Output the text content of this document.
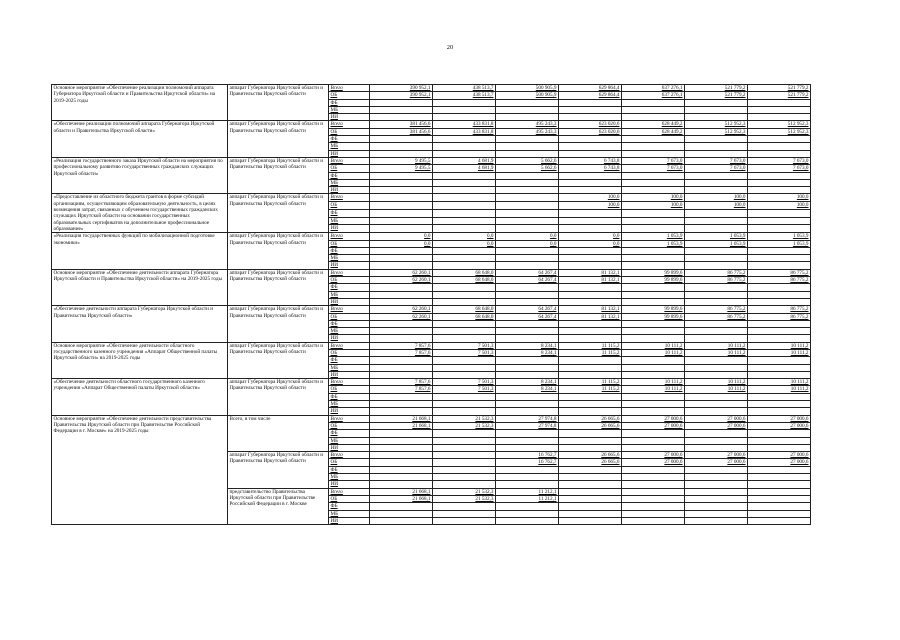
20
Основное мероприятие «Обеспечение реализации полномочий аппарата Губернатора Иркутской области и Правительства Иркутской области» на 2019-2025 годы	аппарат Губернатора Иркутской области и Правительства Иркутской области	Всего	390 952,1	438 513,7	500 905,9	629 864,4	637 276,1	521 779,2	521 779,2
		ОБ	390 952,1	438 513,7	500 905,9	629 864,4	637 276,1	521 779,2	521 779,2
		ФБ							
		МБ							
		ИИ							
«Обеспечение реализации полномочий аппарата Губернатора Иркутской области и Правительства Иркутской области»	аппарат Губернатора Иркутской области и Правительства Иркутской области	Всего	381 456,6	433 831,8	495 243,3	623 020,6	628 449,2	512 952,3	512 952,3
		ОБ	381 456,6	433 831,8	495 243,3	623 020,6	628 449,2	512 952,3	512 952,3
		ФБ							
		МБ							
		ИИ							
«Реализация государственного заказа Иркутской области на мероприятия по профессиональному развитию государственных гражданских служащих Иркутской области»	аппарат Губернатора Иркутской области и Правительства Иркутской области	Всего	9 495,5	4 681,9	5 662,6	6 743,8	7 673,0	7 673,0	7 673,0
		ОБ	9 495,5	4 681,9	5 662,6	6 743,8	7 673,0	7 673,0	7 673,0
		ФБ							
		МБ							
		ИИ							
«Предоставление из областного бюджета грантов в форме субсидий организациям, осуществляющим образовательную деятельность, в целях возмещения затрат, связанных с обучением государственных гражданских служащих Иркутской области на основании государственных образовательных сертификатов на дополнительное профессиональное образование»	аппарат Губернатора Иркутской области и Правительства Иркутской области	Всего				100,0	100,0	100,0	100,0
		ОБ				100,0	100,0	100,0	100,0
		ФБ							
		МБ							
		ИИ							
«Реализация государственных функций по мобилизационной подготовке экономики»	аппарат Губернатора Иркутской области и Правительства Иркутской области	Всего	0,0	0,0	0,0	0,0	1 053,9	1 053,9	1 053,9
		ОБ	0,0	0,0	0,0	0,0	1 053,9	1 053,9	1 053,9
		ФБ							
		МБ							
		ИИ							
Основное мероприятие «Обеспечение деятельности аппарата Губернатора Иркутской области и Правительства Иркутской области» на 2019-2025 годы	аппарат Губернатора Иркутской области и Правительства Иркутской области	Всего	62 260,1	68 648,0	64 267,4	81 132,1	99 899,6	86 775,2	86 775,2
		ОБ	62 260,1	68 648,0	64 267,4	81 132,1	99 899,6	86 775,2	86 775,2
		ФБ							
		МБ							
		ИИ							
«Обеспечение деятельности аппарата Губернатора Иркутской области и Правительства Иркутской области»	аппарат Губернатора Иркутской области и Правительства Иркутской области	Всего	62 260,1	68 648,0	64 267,4	81 132,1	99 899,6	86 775,2	86 775,2
		ОБ	62 260,1	68 648,0	64 267,4	81 132,1	99 899,6	86 775,2	86 775,2
		ФБ							
		МБ							
		ИИ							
Основное мероприятие «Обеспечение деятельности областного государственного казенного учреждения «Аппарат Общественной палаты Иркутской области» на 2019-2025 годы	аппарат Губернатора Иркутской области и Правительства Иркутской области	Всего	7 857,6	7 501,3	8 234,1	11 115,2	10 111,2	10 111,2	10 111,2
		ОБ	7 857,6	7 501,3	8 234,1	11 115,2	10 111,2	10 111,2	10 111,2
		ФБ							
		МБ							
		ИИ							
«Обеспечение деятельности областного государственного казенного учреждения «Аппарат Общественной палаты Иркутской области»	аппарат Губернатора Иркутской области и Правительства Иркутской области	Всего	7 857,6	7 501,3	8 234,1	11 115,2	10 111,2	10 111,2	10 111,2
		ОБ	7 857,6	7 501,3	8 234,1	11 115,2	10 111,2	10 111,2	10 111,2
		ФБ							
		МБ							
		ИИ							
Основное мероприятие «Обеспечение деятельности представительства Правительства Иркутской области при Правительстве Российской Федерации в г. Москве» на 2019-2025 годы	Всего, в том числе	Всего	21 668,1	21 532,3	27 974,8	26 665,6	27 000,6	27 000,6	27 000,6
		ОБ	21 668,1	21 532,3	27 974,8	26 665,6	27 000,6	27 000,6	27 000,6
		ФБ							
		МБ							
		ИИ							
	аппарат Губернатора Иркутской области и Правительства Иркутской области	Всего			16 762,7	26 665,6	27 000,6	27 000,6	27 000,6
		ОБ			16 762,7	26 665,6	27 000,6	27 000,6	27 000,6
		ФБ							
		МБ							
		ИИ							
	представительство Правительства Иркутской области при Правительстве Российской Федерации в г. Москве	Всего	21 668,1	21 532,3	11 212,1				
		ОБ	21 668,1	21 532,3	11 212,1				
		ФБ							
		МБ							
		ИИ							
